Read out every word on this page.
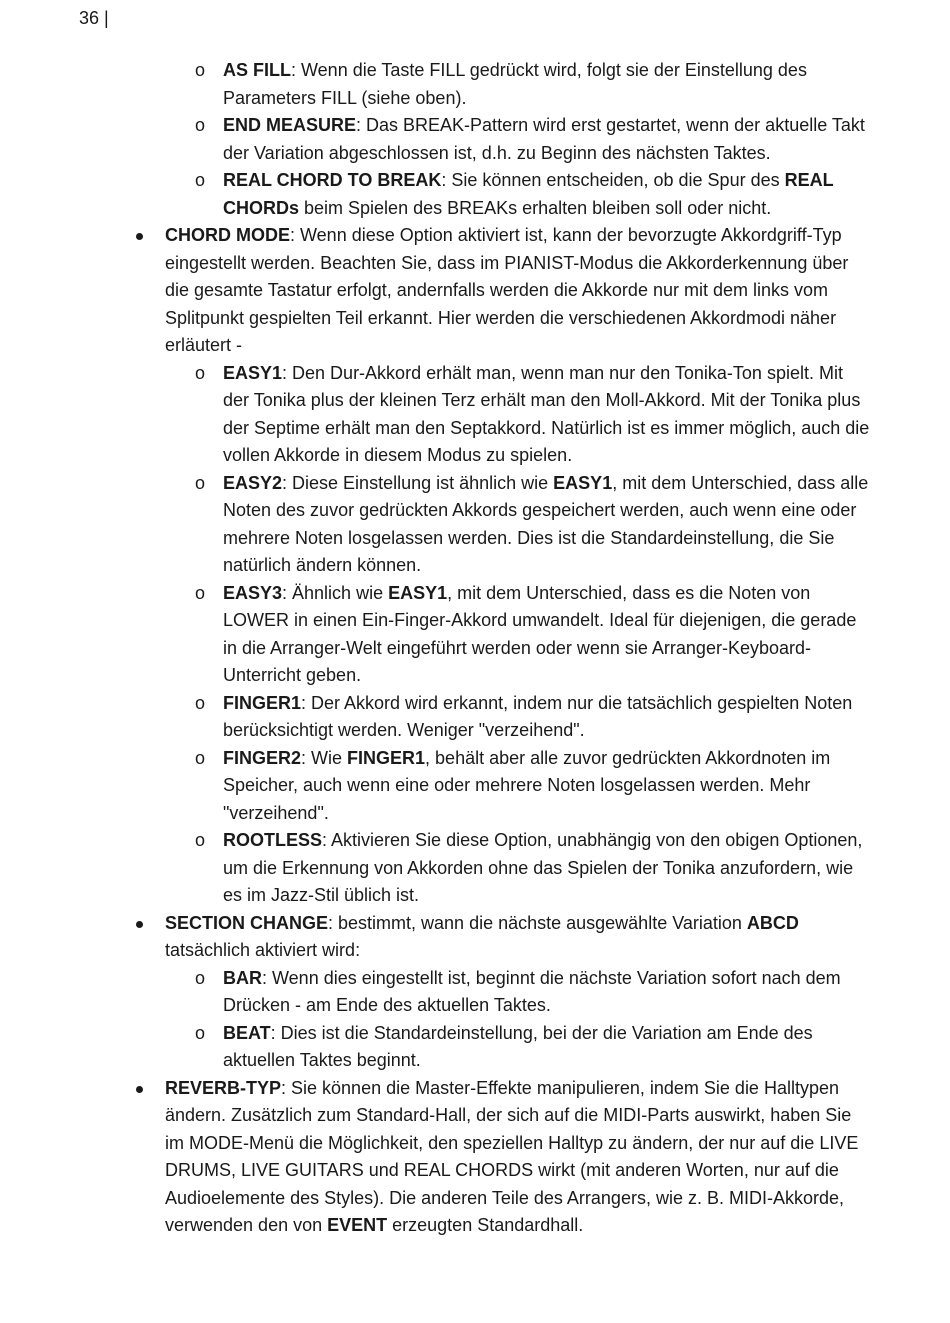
36 |
o AS FILL: Wenn die Taste FILL gedrückt wird, folgt sie der Einstellung des Parameters FILL (siehe oben).
o END MEASURE: Das BREAK-Pattern wird erst gestartet, wenn der aktuelle Takt der Variation abgeschlossen ist, d.h. zu Beginn des nächsten Taktes.
o REAL CHORD TO BREAK: Sie können entscheiden, ob die Spur des REAL CHORDs beim Spielen des BREAKs erhalten bleiben soll oder nicht.
CHORD MODE: Wenn diese Option aktiviert ist, kann der bevorzugte Akkordgriff-Typ eingestellt werden. Beachten Sie, dass im PIANIST-Modus die Akkorderkennung über die gesamte Tastatur erfolgt, andernfalls werden die Akkorde nur mit dem links vom Splitpunkt gespielten Teil erkannt. Hier werden die verschiedenen Akkordmodi näher erläutert -
o EASY1: Den Dur-Akkord erhält man, wenn man nur den Tonika-Ton spielt. Mit der Tonika plus der kleinen Terz erhält man den Moll-Akkord. Mit der Tonika plus der Septime erhält man den Septakkord. Natürlich ist es immer möglich, auch die vollen Akkorde in diesem Modus zu spielen.
o EASY2: Diese Einstellung ist ähnlich wie EASY1, mit dem Unterschied, dass alle Noten des zuvor gedrückten Akkords gespeichert werden, auch wenn eine oder mehrere Noten losgelassen werden. Dies ist die Standardeinstellung, die Sie natürlich ändern können.
o EASY3: Ähnlich wie EASY1, mit dem Unterschied, dass es die Noten von LOWER in einen Ein-Finger-Akkord umwandelt. Ideal für diejenigen, die gerade in die Arranger-Welt eingeführt werden oder wenn sie Arranger-Keyboard-Unterricht geben.
o FINGER1: Der Akkord wird erkannt, indem nur die tatsächlich gespielten Noten berücksichtigt werden. Weniger "verzeihend".
o FINGER2: Wie FINGER1, behält aber alle zuvor gedrückten Akkordnoten im Speicher, auch wenn eine oder mehrere Noten losgelassen werden. Mehr "verzeihend".
o ROOTLESS: Aktivieren Sie diese Option, unabhängig von den obigen Optionen, um die Erkennung von Akkorden ohne das Spielen der Tonika anzufordern, wie es im Jazz-Stil üblich ist.
SECTION CHANGE: bestimmt, wann die nächste ausgewählte Variation ABCD tatsächlich aktiviert wird:
o BAR: Wenn dies eingestellt ist, beginnt die nächste Variation sofort nach dem Drücken - am Ende des aktuellen Taktes.
o BEAT: Dies ist die Standardeinstellung, bei der die Variation am Ende des aktuellen Taktes beginnt.
REVERB-TYP: Sie können die Master-Effekte manipulieren, indem Sie die Halltypen ändern. Zusätzlich zum Standard-Hall, der sich auf die MIDI-Parts auswirkt, haben Sie im MODE-Menü die Möglichkeit, den speziellen Halltyp zu ändern, der nur auf die LIVE DRUMS, LIVE GUITARS und REAL CHORDS wirkt (mit anderen Worten, nur auf die Audioelemente des Styles). Die anderen Teile des Arrangers, wie z. B. MIDI-Akkorde, verwenden den von EVENT erzeugten Standardhall.
